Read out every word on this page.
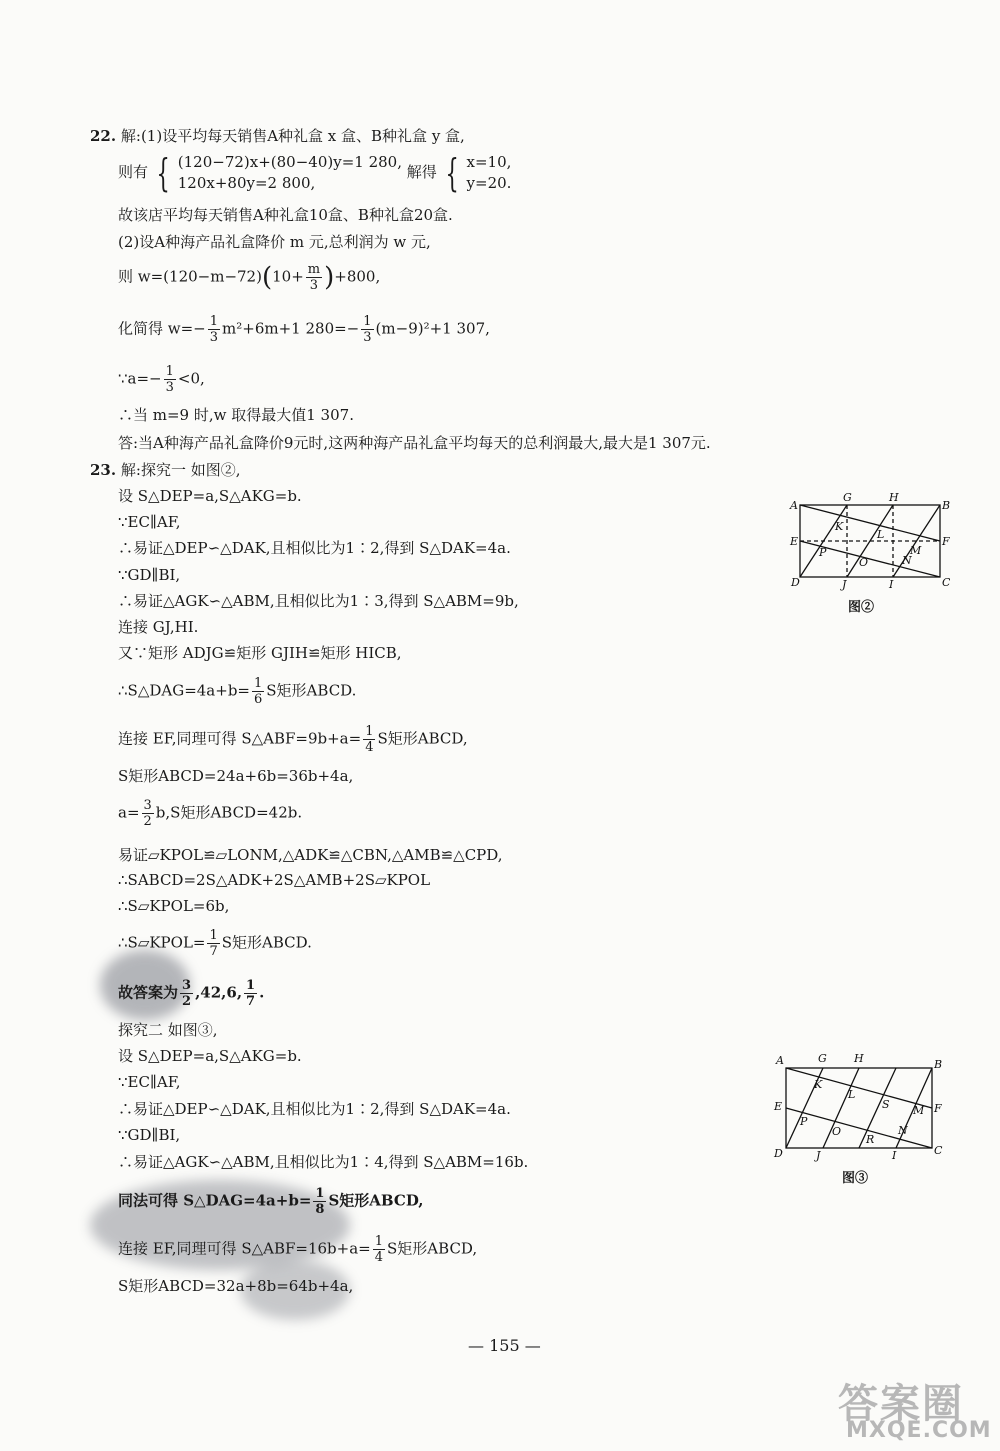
22. 解:(1)设平均每天销售A种礼盒 x 盒、B种礼盒 y 盒,
则有 { (120−72)x+(80−40)y=1 280,
120x+80y=2 800,
解得 { x=10,
y=20.
故该店平均每天销售A种礼盒10盒、B种礼盒20盒.
(2)设A种海产品礼盒降价 m 元,总利润为 w 元,
则 $w=(120-m-72)(10+ \frac{m}{3} )+800$,
化简得 $w=- \frac{1}{3} m^2+6m+1$ $280=- \frac{1}{3} (m-9)^2+1$ 307,
∵a=− $\frac{1}{3} <0$,
∴当 m=9 时,w 取得最大值1 307.
答:当A种海产品礼盒降价9元时,这两种海产品礼盒平均每天的总利润最大,最大是1 307元.
23. 解:探究一 如图②,
设 S△DEP=a,S△AKG=b.
∵EC∥AF,
∴易证△DEP∽△DAK,且相似比为1∶2,得到 S△DAK=4a.
∵GD∥BI,
∴易证△AGK∽△ABM,且相似比为1∶3,得到 S△ABM=9b,
连接 GJ,HI.
又∵矩形 ADJG≌矩形 GJIH≌矩形 HICB,
∴S△DAG=4a+b= $\frac{1}{6}$ S矩形ABCD.
连接 EF,同理可得 S△ABF=9b+a= $\frac{1}{4}$ S矩形ABCD,
S矩形ABCD=24a+6b=36b+4a,
$a= \frac{3}{2} b,S$矩形ABCD=42b.
易证▱KPOL≌▱LONM,△ADK≌△CBN,△AMB≌△CPD,
∴SABCD=2S△ADK+2S△AMB+2S▱KPOL
∴S▱KPOL=6b,
∴S▱KPOL= $\frac{1}{7}$ S矩形ABCD.
故答案为 $\frac{3}{2} ,42,6$, $\frac{1}{7}$ .
探究二 如图③,
设 S△DEP=a,S△AKG=b.
∵EC∥AF,
∴易证△DEP∽△DAK,且相似比为1∶2,得到 S△DAK=4a.
∵GD∥BI,
∴易证△AGK∽△ABM,且相似比为1∶4,得到 S△ABM=16b.
同法可得 S△DAG=4a+b= $\frac{1}{8}$ S矩形ABCD,
连接 EF,同理可得 S△ABF=16b+a= $\frac{1}{4}$ S矩形ABCD,
S矩形ABCD=32a+8b=64b+4a,
A
G	H
B
K
L
E	F
P
O
M
N
D	J	I	C
图②
A	G H	B
K
L
S
E	F
P
O
R
M
N
D	J	I	C
图③
— 155 —
答案圈
MXQE.COM
